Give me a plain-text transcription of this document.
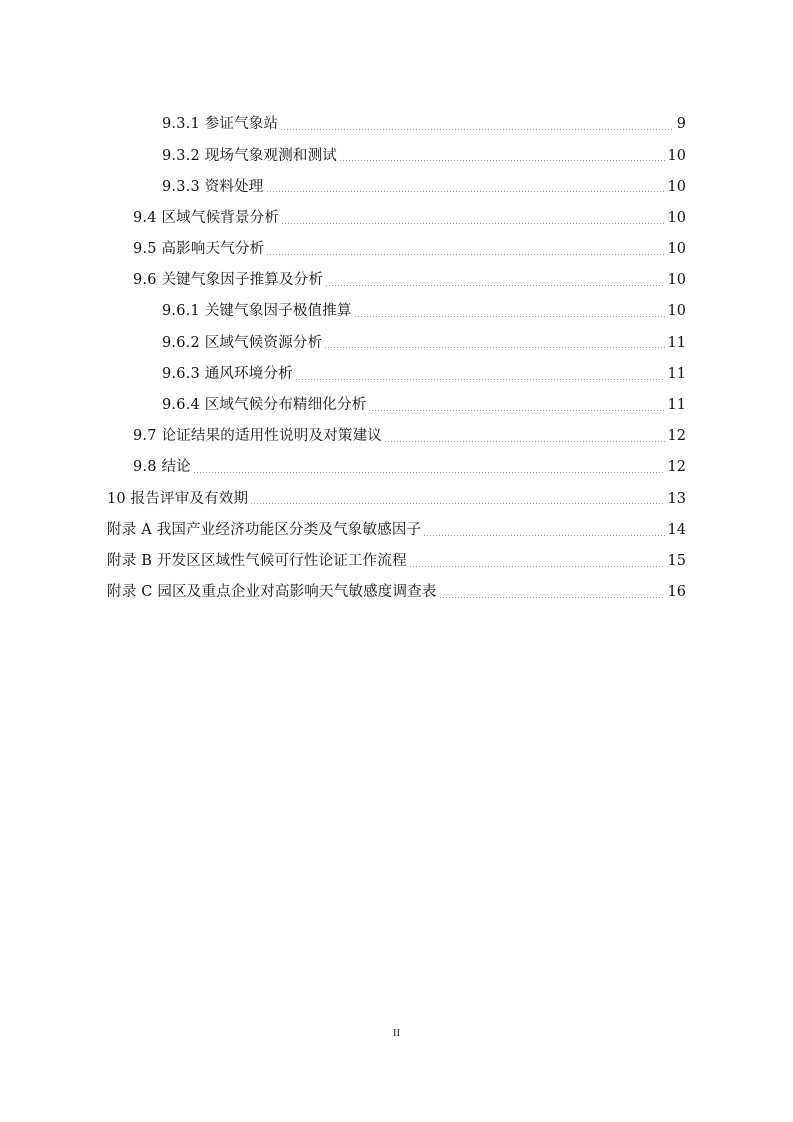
9.3.1 参证气象站	9
9.3.2 现场气象观测和测试	10
9.3.3 资料处理	10
9.4 区域气候背景分析	10
9.5 高影响天气分析	10
9.6 关键气象因子推算及分析	10
9.6.1 关键气象因子极值推算	10
9.6.2 区域气候资源分析	11
9.6.3 通风环境分析	11
9.6.4 区域气候分布精细化分析	11
9.7 论证结果的适用性说明及对策建议	12
9.8 结论	12
10 报告评审及有效期	13
附录 A 我国产业经济功能区分类及气象敏感因子	14
附录 B 开发区区域性气候可行性论证工作流程	15
附录 C 园区及重点企业对高影响天气敏感度调查表	16
II
